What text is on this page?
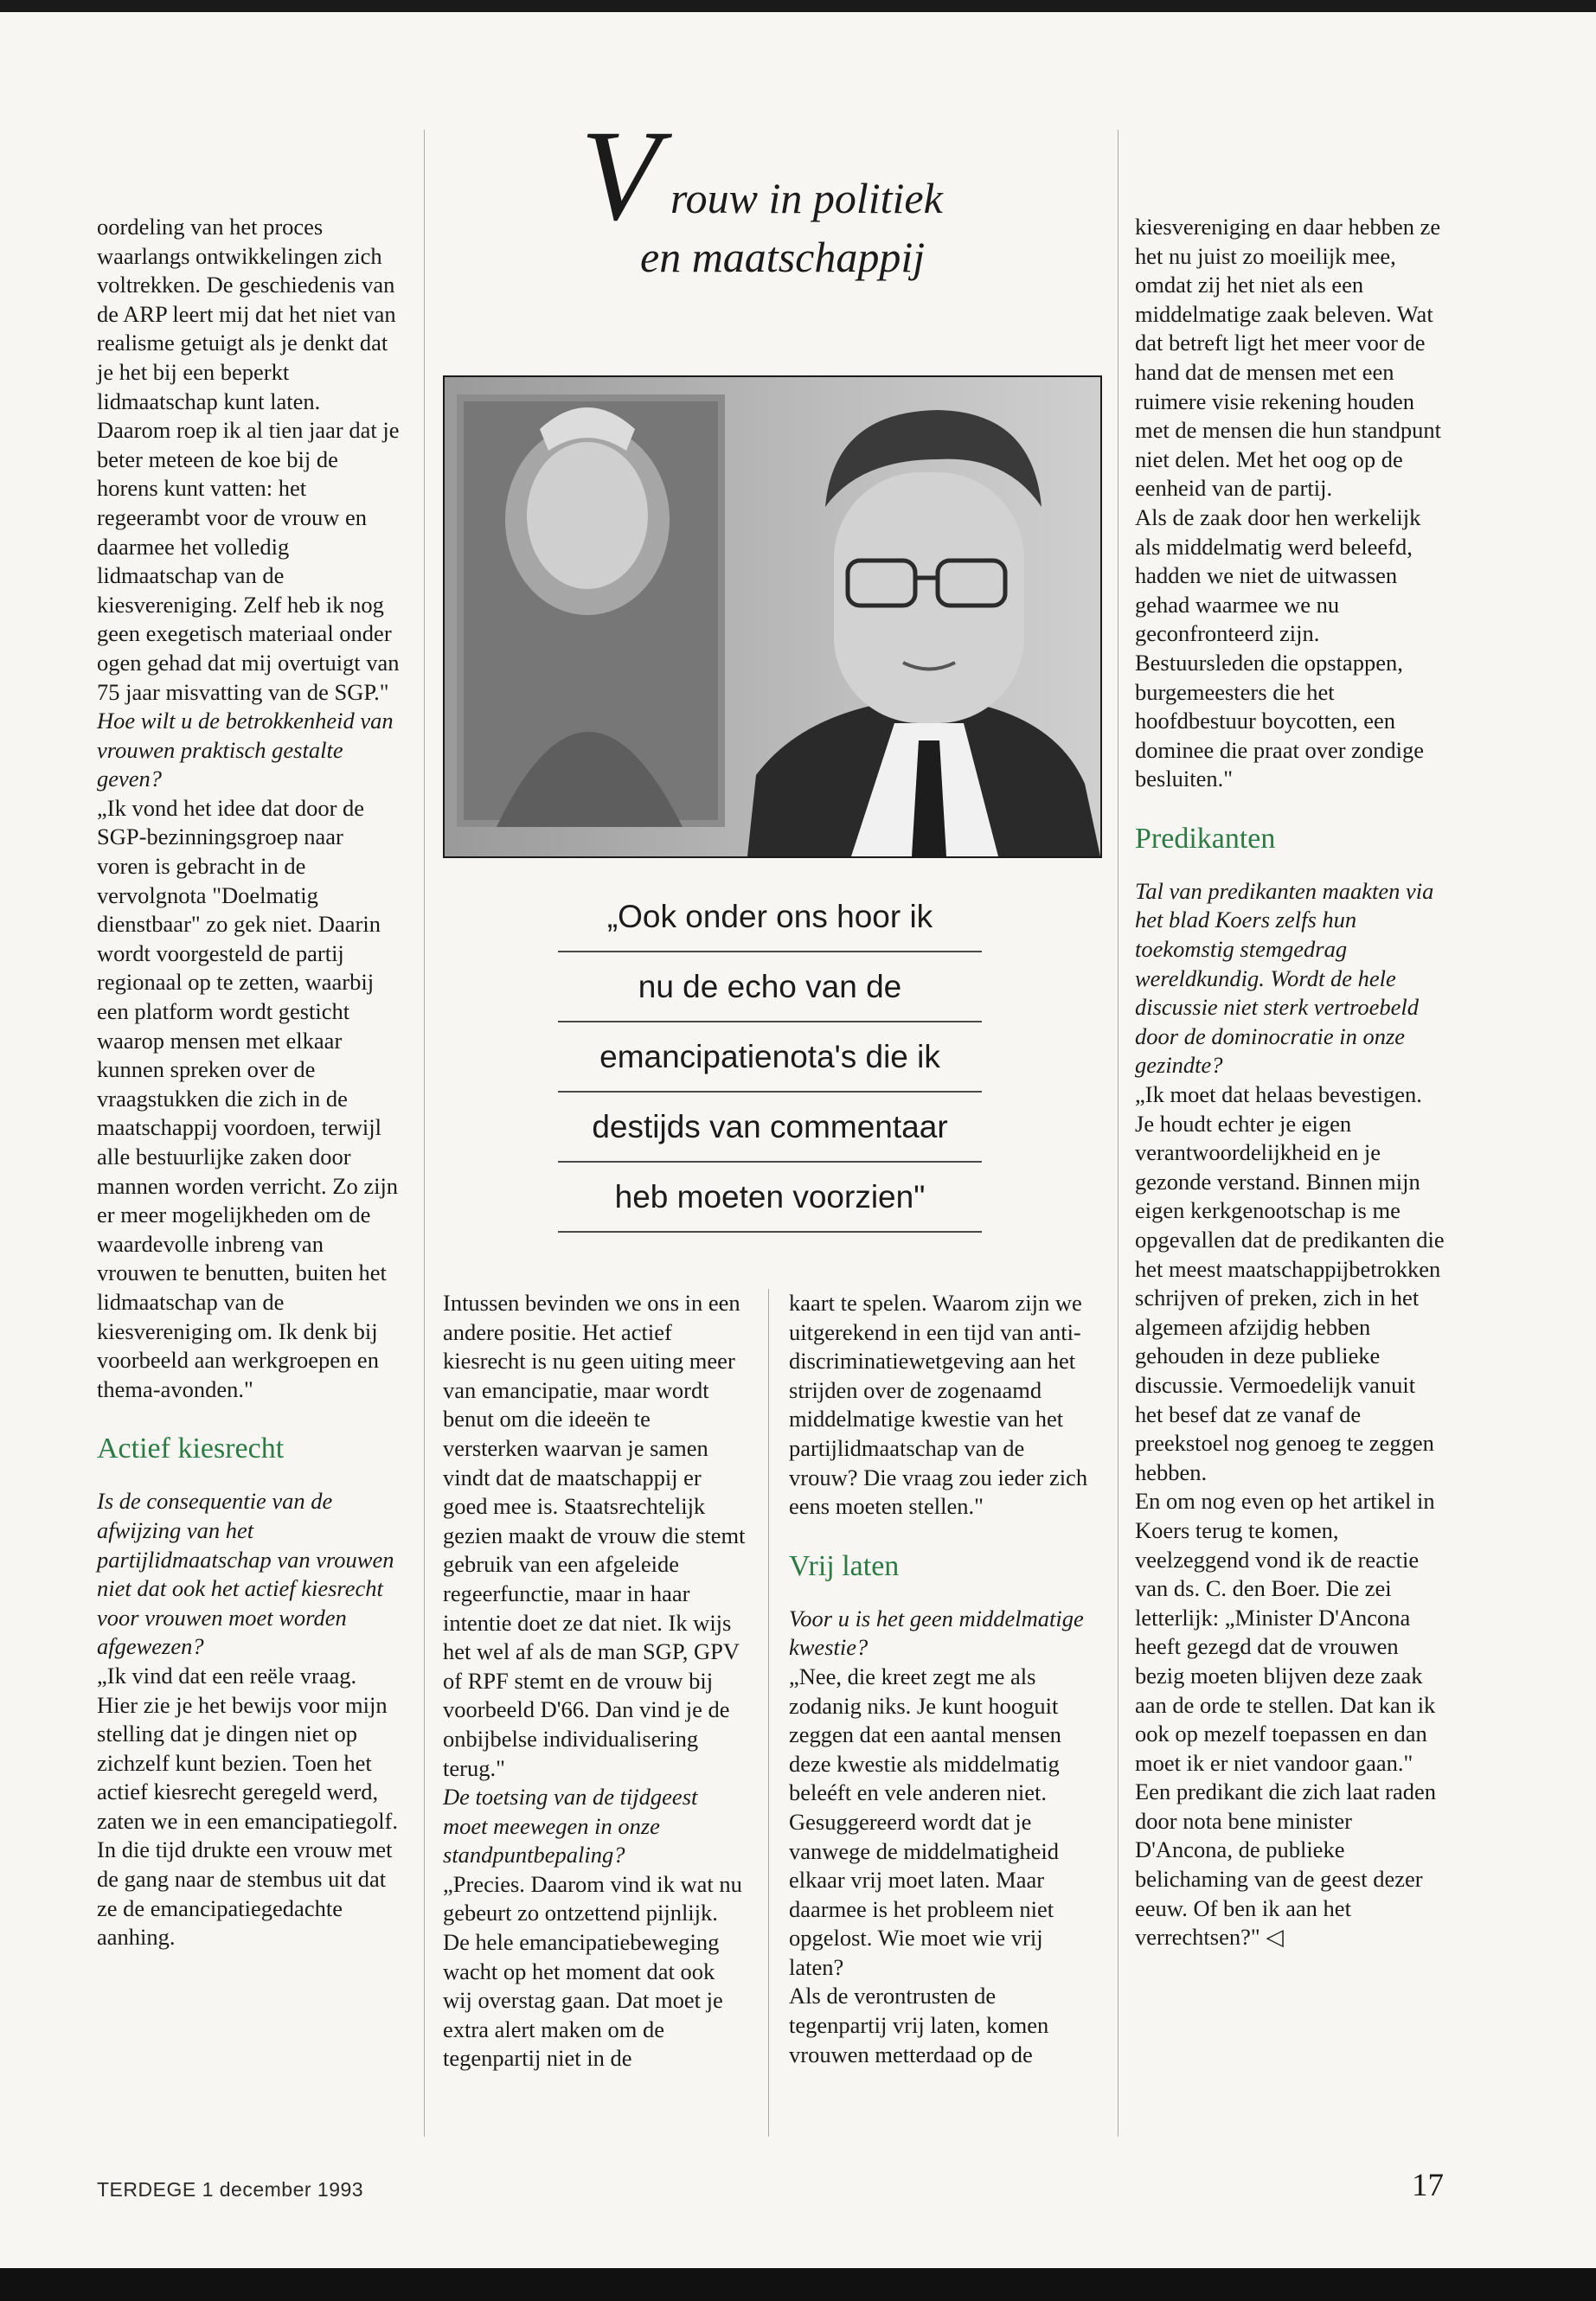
oordeling van het proces waarlangs ontwikkelingen zich voltrekken. De geschiedenis van de ARP leert mij dat het niet van realisme getuigt als je denkt dat je het bij een beperkt lidmaatschap kunt laten. Daarom roep ik al tien jaar dat je beter meteen de koe bij de horens kunt vatten: het regeerambt voor de vrouw en daarmee het volledig lidmaatschap van de kiesvereniging. Zelf heb ik nog geen exegetisch materiaal onder ogen gehad dat mij overtuigt van 75 jaar misvatting van de SGP."

Hoe wilt u de betrokkenheid van vrouwen praktisch gestalte geven?

„Ik vond het idee dat door de SGP-bezinningsgroep naar voren is gebracht in de vervolgnota "Doelmatig dienstbaar" zo gek niet. Daarin wordt voorgesteld de partij regionaal op te zetten, waarbij een platform wordt gesticht waarop mensen met elkaar kunnen spreken over de vraagstukken die zich in de maatschappij voordoen, terwijl alle bestuurlijke zaken door mannen worden verricht. Zo zijn er meer mogelijkheden om de waardevolle inbreng van vrouwen te benutten, buiten het lidmaatschap van de kiesvereniging om. Ik denk bij voorbeeld aan werkgroepen en thema-avonden."

Actief kiesrecht

Is de consequentie van de afwijzing van het partijlidmaatschap van vrouwen niet dat ook het actief kiesrecht voor vrouwen moet worden afgewezen?

„Ik vind dat een reële vraag. Hier zie je het bewijs voor mijn stelling dat je dingen niet op zichzelf kunt bezien. Toen het actief kiesrecht geregeld werd, zaten we in een emancipatiegolf. In die tijd drukte een vrouw met de gang naar de stembus uit dat ze de emancipatiegedachte aanhing.

V rouw in politiek
en maatschappij
„Ook onder ons hoor ik
nu de echo van de
emancipatienota's die ik
destijds van commentaar
heb moeten voorzien"

Intussen bevinden we ons in een andere positie. Het actief kiesrecht is nu geen uiting meer van emancipatie, maar wordt benut om die ideeën te versterken waarvan je samen vindt dat de maatschappij er goed mee is. Staatsrechtelijk gezien maakt de vrouw die stemt gebruik van een afgeleide regeerfunctie, maar in haar intentie doet ze dat niet. Ik wijs het wel af als de man SGP, GPV of RPF stemt en de vrouw bij voorbeeld D'66. Dan vind je de onbijbelse individualisering terug."

De toetsing van de tijdgeest moet meewegen in onze standpuntbepaling?

„Precies. Daarom vind ik wat nu gebeurt zo ontzettend pijnlijk. De hele emancipatiebeweging wacht op het moment dat ook wij overstag gaan. Dat moet je extra alert maken om de tegenpartij niet in de

kaart te spelen. Waarom zijn we uitgerekend in een tijd van anti-discriminatiewetgeving aan het strijden over de zogenaamd middelmatige kwestie van het partijlidmaatschap van de vrouw? Die vraag zou ieder zich eens moeten stellen."

Vrij laten

Voor u is het geen middelmatige kwestie?

„Nee, die kreet zegt me als zodanig niks. Je kunt hooguit zeggen dat een aantal mensen deze kwestie als middelmatig beleéft en vele anderen niet. Gesuggereerd wordt dat je vanwege de middelmatigheid elkaar vrij moet laten. Maar daarmee is het probleem niet opgelost. Wie moet wie vrij laten?

Als de verontrusten de tegenpartij vrij laten, komen vrouwen metterdaad op de

kiesvereniging en daar hebben ze het nu juist zo moeilijk mee, omdat zij het niet als een middelmatige zaak beleven. Wat dat betreft ligt het meer voor de hand dat de mensen met een ruimere visie rekening houden met de mensen die hun standpunt niet delen. Met het oog op de eenheid van de partij.

Als de zaak door hen werkelijk als middelmatig werd beleefd, hadden we niet de uitwassen gehad waarmee we nu geconfronteerd zijn. Bestuursleden die opstappen, burgemeesters die het hoofdbestuur boycotten, een dominee die praat over zondige besluiten."

Predikanten

Tal van predikanten maakten via het blad Koers zelfs hun toekomstig stemgedrag wereldkundig. Wordt de hele discussie niet sterk vertroebeld door de dominocratie in onze gezindte?

„Ik moet dat helaas bevestigen. Je houdt echter je eigen verantwoordelijkheid en je gezonde verstand. Binnen mijn eigen kerkgenootschap is me opgevallen dat de predikanten die het meest maatschappijbetrokken schrijven of preken, zich in het algemeen afzijdig hebben gehouden in deze publieke discussie. Vermoedelijk vanuit het besef dat ze vanaf de preekstoel nog genoeg te zeggen hebben.

En om nog even op het artikel in Koers terug te komen, veelzeggend vond ik de reactie van ds. C. den Boer. Die zei letterlijk: „Minister D'Ancona heeft gezegd dat de vrouwen bezig moeten blijven deze zaak aan de orde te stellen. Dat kan ik ook op mezelf toepassen en dan moet ik er niet vandoor gaan." Een predikant die zich laat raden door nota bene minister D'Ancona, de publieke belichaming van de geest dezer eeuw. Of ben ik aan het verrechtsen?" ◁

TERDEGE 1 december 1993	17
